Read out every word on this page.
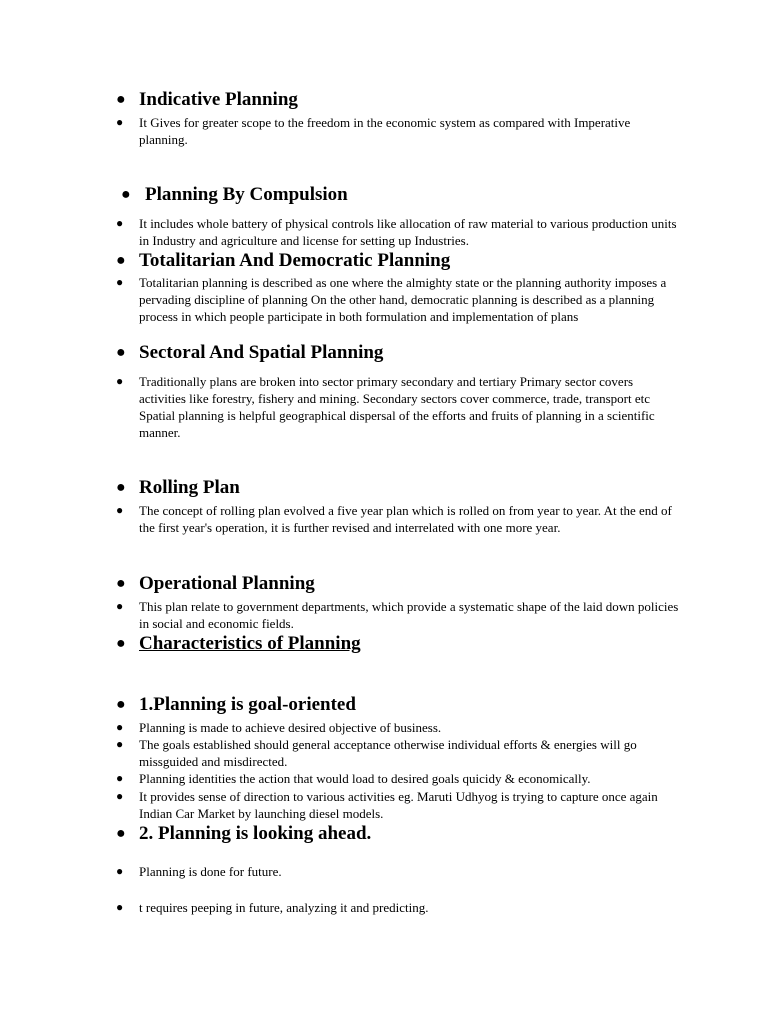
● Indicative Planning
● It Gives for greater scope to the freedom in the economic system as compared with Imperative planning.
● Planning By Compulsion
● It includes whole battery of physical controls like allocation of raw material to various production units in Industry and agriculture and license for setting up Industries.
● Totalitarian And Democratic Planning
● Totalitarian planning is described as one where the almighty state or the planning authority imposes a pervading discipline of planning On the other hand, democratic planning is described as a planning process in which people participate in both formulation and implementation of plans
● Sectoral And Spatial Planning
● Traditionally plans are broken into sector primary secondary and tertiary Primary sector covers activities like forestry, fishery and mining. Secondary sectors cover commerce, trade, transport etc Spatial planning is helpful geographical dispersal of the efforts and fruits of planning in a scientific manner.
● Rolling Plan
● The concept of rolling plan evolved a five year plan which is rolled on from year to year. At the end of the first year's operation, it is further revised and interrelated with one more year.
● Operational Planning
● This plan relate to government departments, which provide a systematic shape of the laid down policies in social and economic fields.
● Characteristics of Planning
● 1.Planning is goal-oriented
● Planning is made to achieve desired objective of business.
● The goals established should general acceptance otherwise individual efforts & energies will go missguided and misdirected.
● Planning identities the action that would load to desired goals quicidy & economically.
● It provides sense of direction to various activities eg. Maruti Udhyog is trying to capture once again Indian Car Market by launching diesel models.
● 2. Planning is looking ahead.
● Planning is done for future.
● t requires peeping in future, analyzing it and predicting.
